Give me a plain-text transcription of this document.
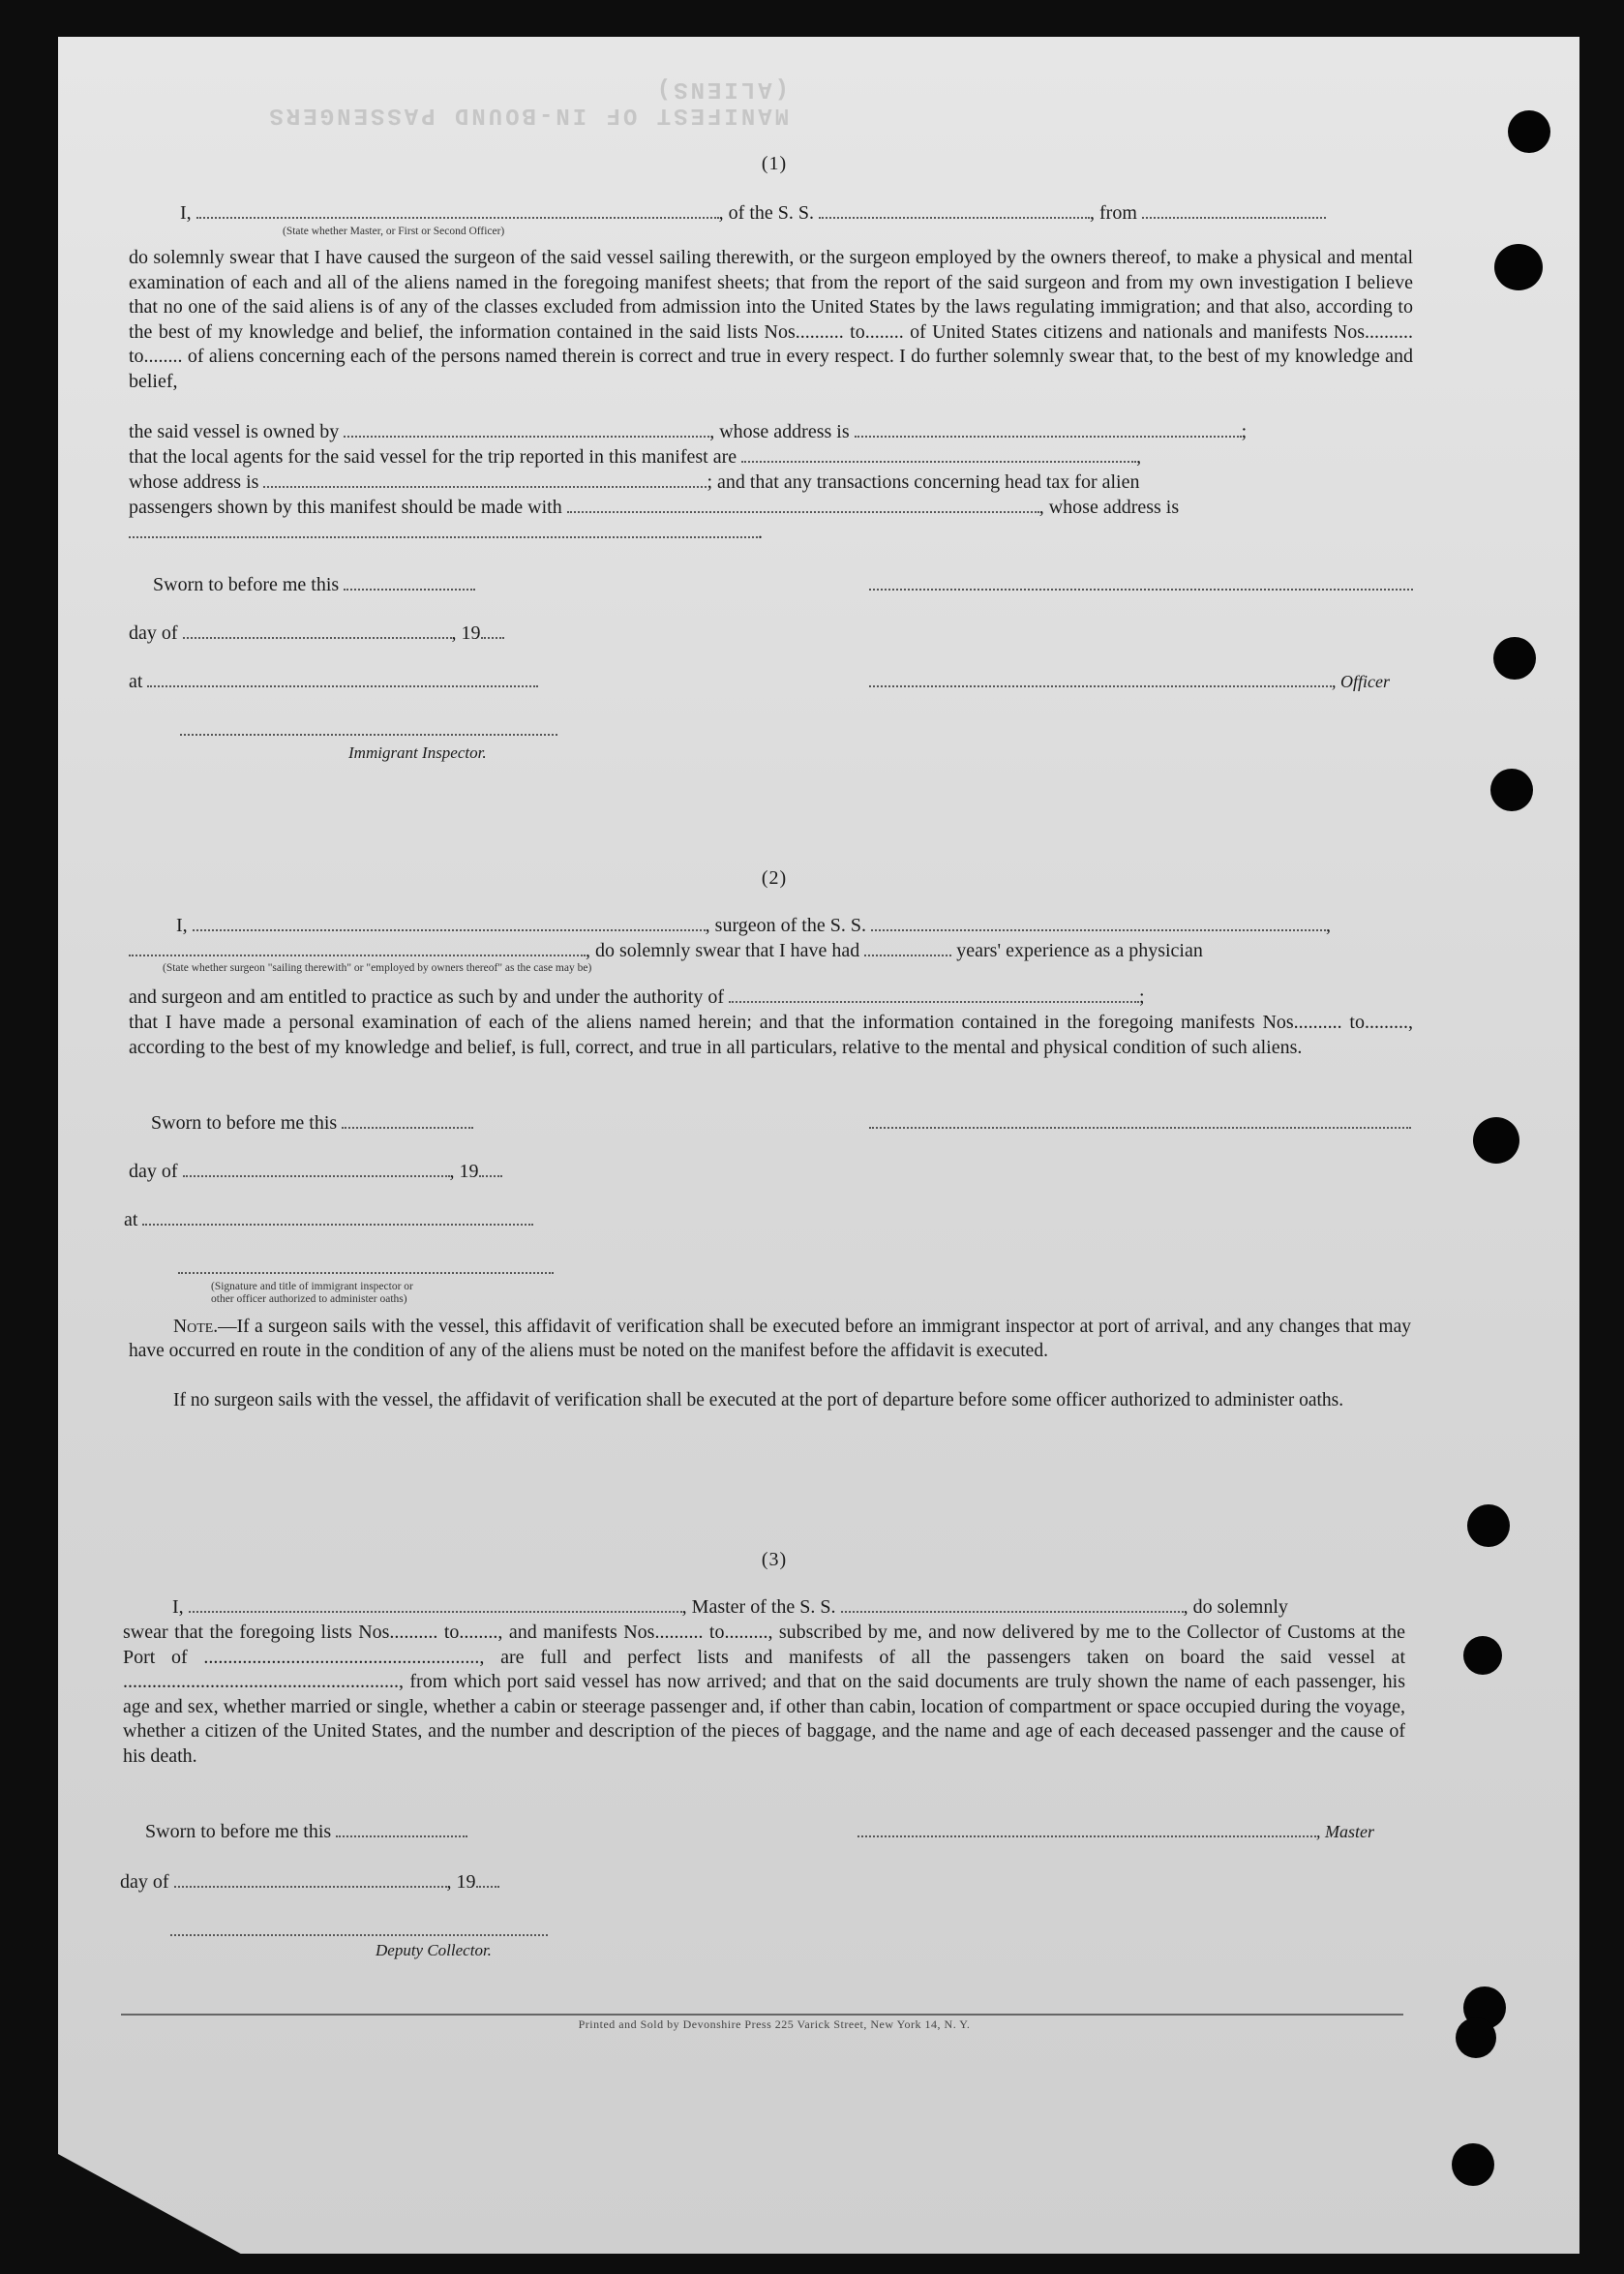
MANIFEST OF IN-BOUND PASSENGERS (ALIENS)
(1)
I,	, of the S. S.	, from
(State whether Master, or First or Second Officer)
do solemnly swear that I have caused the surgeon of the said vessel sailing therewith, or the surgeon employed by the owners thereof, to make a physical and mental examination of each and all of the aliens named in the foregoing manifest sheets; that from the report of the said surgeon and from my own investigation I believe that no one of the said aliens is of any of the classes excluded from admission into the United States by the laws regulating immigration; and that also, according to the best of my knowledge and belief, the information contained in the said lists Nos.......... to........ of United States citizens and nationals and manifests Nos.......... to........ of aliens concerning each of the persons named therein is correct and true in every respect. I do further solemnly swear that, to the best of my knowledge and belief,
the said vessel is owned by	, whose address is	;
that the local agents for the said vessel for the trip reported in this manifest are	,
whose address is	; and that any transactions concerning head tax for alien
passengers shown by this manifest should be made with	, whose address is
.
Sworn to before me this
day of	, 19
at	, Officer
Immigrant Inspector.
(2)
I,	, surgeon of the S. S.	,
, do solemnly swear that I have had	years' experience as a physician
(State whether surgeon "sailing therewith" or "employed by owners thereof" as the case may be)
and surgeon and am entitled to practice as such by and under the authority of	;
that I have made a personal examination of each of the aliens named herein; and that the information contained in the foregoing manifests Nos.......... to........., according to the best of my knowledge and belief, is full, correct, and true in all particulars, relative to the mental and physical condition of such aliens.
Sworn to before me this
day of	, 19
at
(Signature and title of immigrant inspector or
other officer authorized to administer oaths)
Note.—If a surgeon sails with the vessel, this affidavit of verification shall be executed before an immigrant inspector at port of arrival, and any changes that may have occurred en route in the condition of any of the aliens must be noted on the manifest before the affidavit is executed.
If no surgeon sails with the vessel, the affidavit of verification shall be executed at the port of departure before some officer authorized to administer oaths.
(3)
I,	, Master of the S. S.	, do solemnly
swear that the foregoing lists Nos.......... to........, and manifests Nos.......... to........., subscribed by me, and now delivered by me to the Collector of Customs at the Port of ........................................................., are full and perfect lists and manifests of all the passengers taken on board the said vessel at ........................................................., from which port said vessel has now arrived; and that on the said documents are truly shown the name of each passenger, his age and sex, whether married or single, whether a cabin or steerage passenger and, if other than cabin, location of compartment or space occupied during the voyage, whether a citizen of the United States, and the number and description of the pieces of baggage, and the name and age of each deceased passenger and the cause of his death.
Sworn to before me this	, Master
day of	, 19
Deputy Collector.
Printed and Sold by Devonshire Press 225 Varick Street, New York 14, N. Y.
